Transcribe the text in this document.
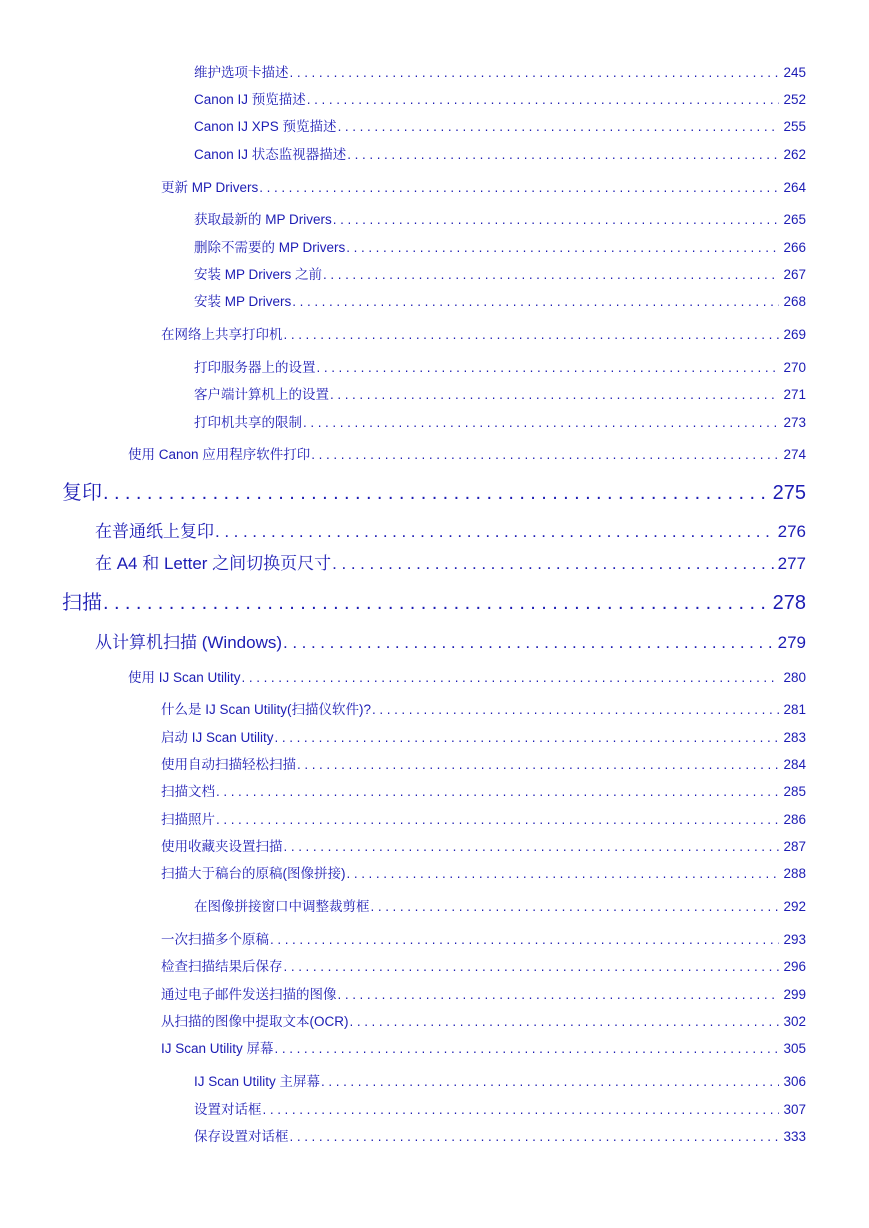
维护选项卡描述 .....	245
Canon IJ 预览描述 .....	252
Canon IJ XPS 预览描述 .....	255
Canon IJ 状态监视器描述 .....	262
更新 MP Drivers .....	264
获取最新的 MP Drivers .....	265
删除不需要的 MP Drivers .....	266
安装 MP Drivers 之前 .....	267
安装 MP Drivers .....	268
在网络上共享打印机 .....	269
打印服务器上的设置 .....	270
客户端计算机上的设置 .....	271
打印机共享的限制 .....	273
使用 Canon 应用程序软件打印 .....	274
复印 .....	275
在普通纸上复印 .....	276
在 A4 和 Letter 之间切换页尺寸 .....	277
扫描 .....	278
从计算机扫描 (Windows) .....	279
使用 IJ Scan Utility .....	280
什么是 IJ Scan Utility(扫描仪软件)? .....	281
启动 IJ Scan Utility .....	283
使用自动扫描轻松扫描 .....	284
扫描文档 .....	285
扫描照片 .....	286
使用收藏夹设置扫描 .....	287
扫描大于稿台的原稿(图像拼接) .....	288
在图像拼接窗口中调整裁剪框 .....	292
一次扫描多个原稿 .....	293
检查扫描结果后保存 .....	296
通过电子邮件发送扫描的图像 .....	299
从扫描的图像中提取文本(OCR) .....	302
IJ Scan Utility 屏幕 .....	305
IJ Scan Utility 主屏幕 .....	306
设置对话框 .....	307
保存设置对话框 .....	333
